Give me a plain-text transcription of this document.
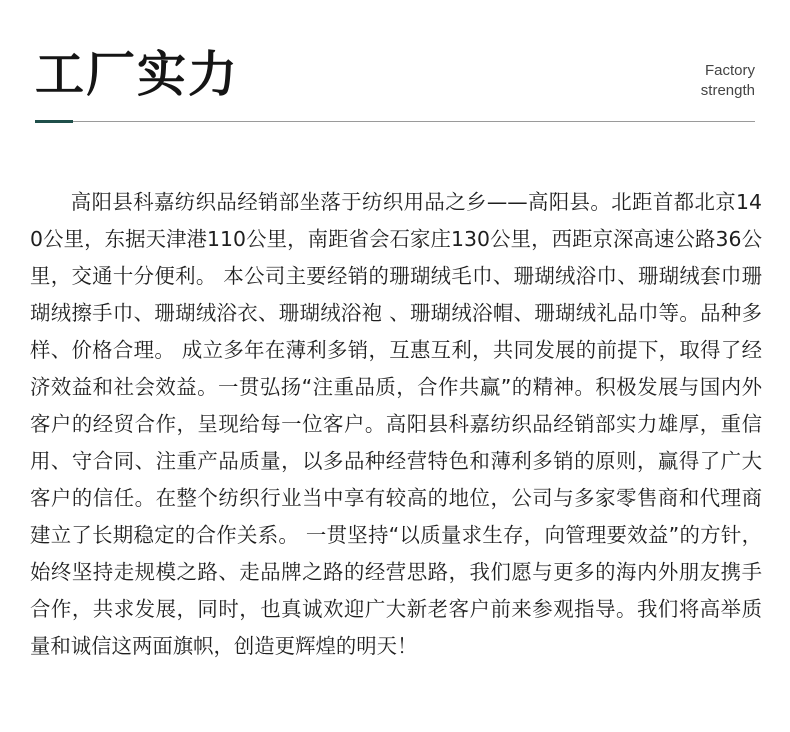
工厂实力	Factory
strength

高阳县科嘉纺织品经销部坐落于纺织用品之乡——高阳县。北距首都北京140公里，东据天津港110公里，南距省会石家庄130公里，西距京深高速公路36公里，交通十分便利。 本公司主要经销的珊瑚绒毛巾、珊瑚绒浴巾、珊瑚绒套巾珊瑚绒擦手巾、珊瑚绒浴衣、珊瑚绒浴袍 、珊瑚绒浴帽、珊瑚绒礼品巾等。品种多样、价格合理。 成立多年在薄利多销，互惠互利，共同发展的前提下，取得了经济效益和社会效益。一贯弘扬“注重品质，合作共赢”的精神。积极发展与国内外客户的经贸合作，呈现给每一位客户。高阳县科嘉纺织品经销部实力雄厚，重信用、守合同、注重产品质量，以多品种经营特色和薄利多销的原则，赢得了广大客户的信任。在整个纺织行业当中享有较高的地位，公司与多家零售商和代理商建立了长期稳定的合作关系。 一贯坚持“以质量求生存，向管理要效益”的方针，始终坚持走规模之路、走品牌之路的经营思路，我们愿与更多的海内外朋友携手合作，共求发展，同时，也真诚欢迎广大新老客户前来参观指导。我们将高举质量和诚信这两面旗帜，创造更辉煌的明天！
